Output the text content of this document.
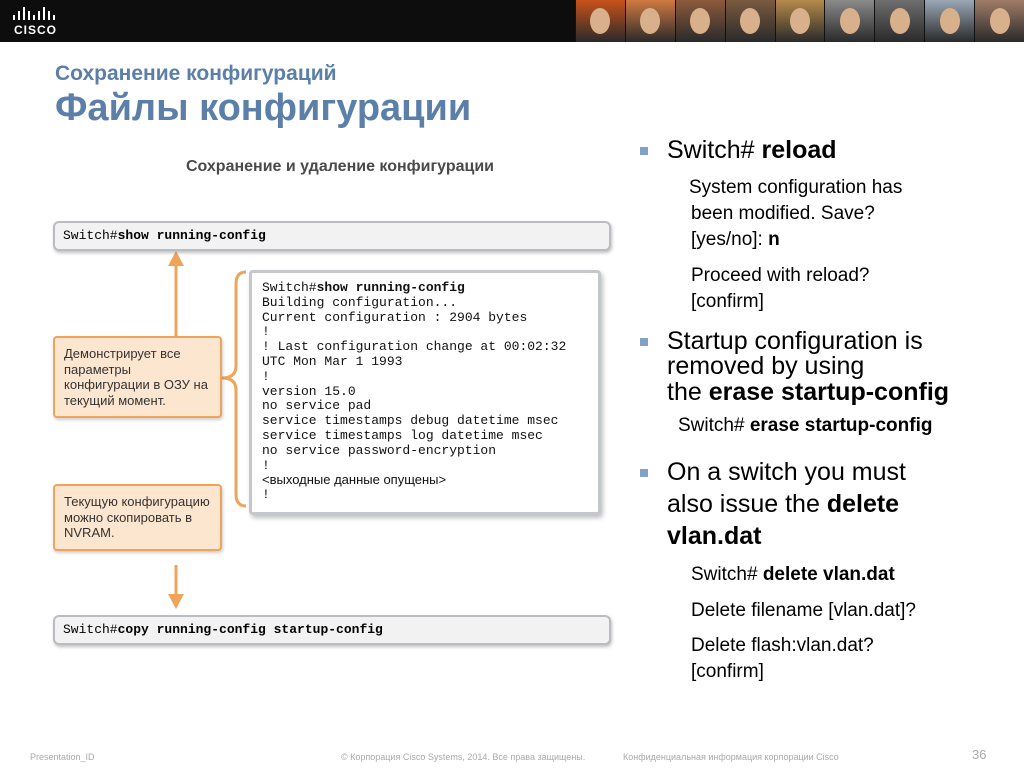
CISCO
Сохранение конфигураций
Файлы конфигурации
Сохранение и удаление конфигурации
Switch#show running-config
Switch#show running-config
Building configuration...
Current configuration : 2904 bytes
!
! Last configuration change at 00:02:32
UTC Mon Mar 1 1993
!
version 15.0
no service pad
service timestamps debug datetime msec
service timestamps log datetime msec
no service password-encryption
!
<выходные данные опущены>
!
Демонстрирует все параметры конфигурации в ОЗУ на текущий момент.
Текущую конфигурацию можно скопировать в NVRAM.
Switch#copy running-config startup-config
Switch# reload
System configuration has
been modified. Save?
[yes/no]: n
Proceed with reload?
[confirm]
Startup configuration is
removed by using
the erase startup-config
Switch# erase startup-config
On a switch you must
also issue the delete
vlan.dat
Switch# delete vlan.dat
Delete filename [vlan.dat]?
Delete flash:vlan.dat?
[confirm]
Presentation_ID	© Корпорация Cisco Systems, 2014. Все права защищены.	Конфиденциальная информация корпорации Cisco	36
